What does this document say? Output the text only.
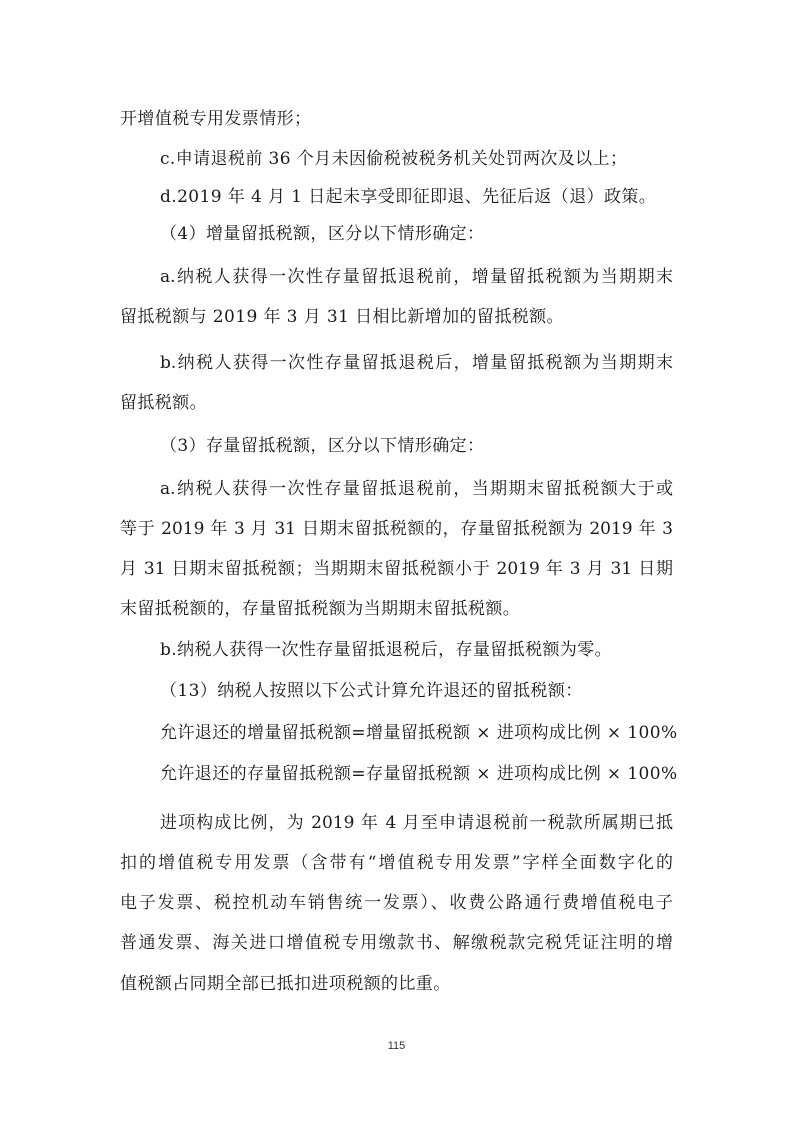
开增值税专用发票情形；
c.申请退税前 36 个月未因偷税被税务机关处罚两次及以上；
d.2019 年 4 月 1 日起未享受即征即退、先征后返（退）政策。
（4）增量留抵税额，区分以下情形确定：
a.纳税人获得一次性存量留抵退税前，增量留抵税额为当期期末
留抵税额与 2019 年 3 月 31 日相比新增加的留抵税额。
b.纳税人获得一次性存量留抵退税后，增量留抵税额为当期期末
留抵税额。
（3）存量留抵税额，区分以下情形确定：
a.纳税人获得一次性存量留抵退税前，当期期末留抵税额大于或
等于 2019 年 3 月 31 日期末留抵税额的，存量留抵税额为 2019 年 3
月 31 日期末留抵税额；当期期末留抵税额小于 2019 年 3 月 31 日期
末留抵税额的，存量留抵税额为当期期末留抵税额。
b.纳税人获得一次性存量留抵退税后，存量留抵税额为零。
（13）纳税人按照以下公式计算允许退还的留抵税额：
允许退还的增量留抵税额=增量留抵税额 × 进项构成比例 × 100%
允许退还的存量留抵税额=存量留抵税额 × 进项构成比例 × 100%
进项构成比例，为 2019 年 4 月至申请退税前一税款所属期已抵
扣的增值税专用发票（含带有“增值税专用发票”字样全面数字化的
电子发票、税控机动车销售统一发票）、收费公路通行费增值税电子
普通发票、海关进口增值税专用缴款书、解缴税款完税凭证注明的增
值税额占同期全部已抵扣进项税额的比重。
115
